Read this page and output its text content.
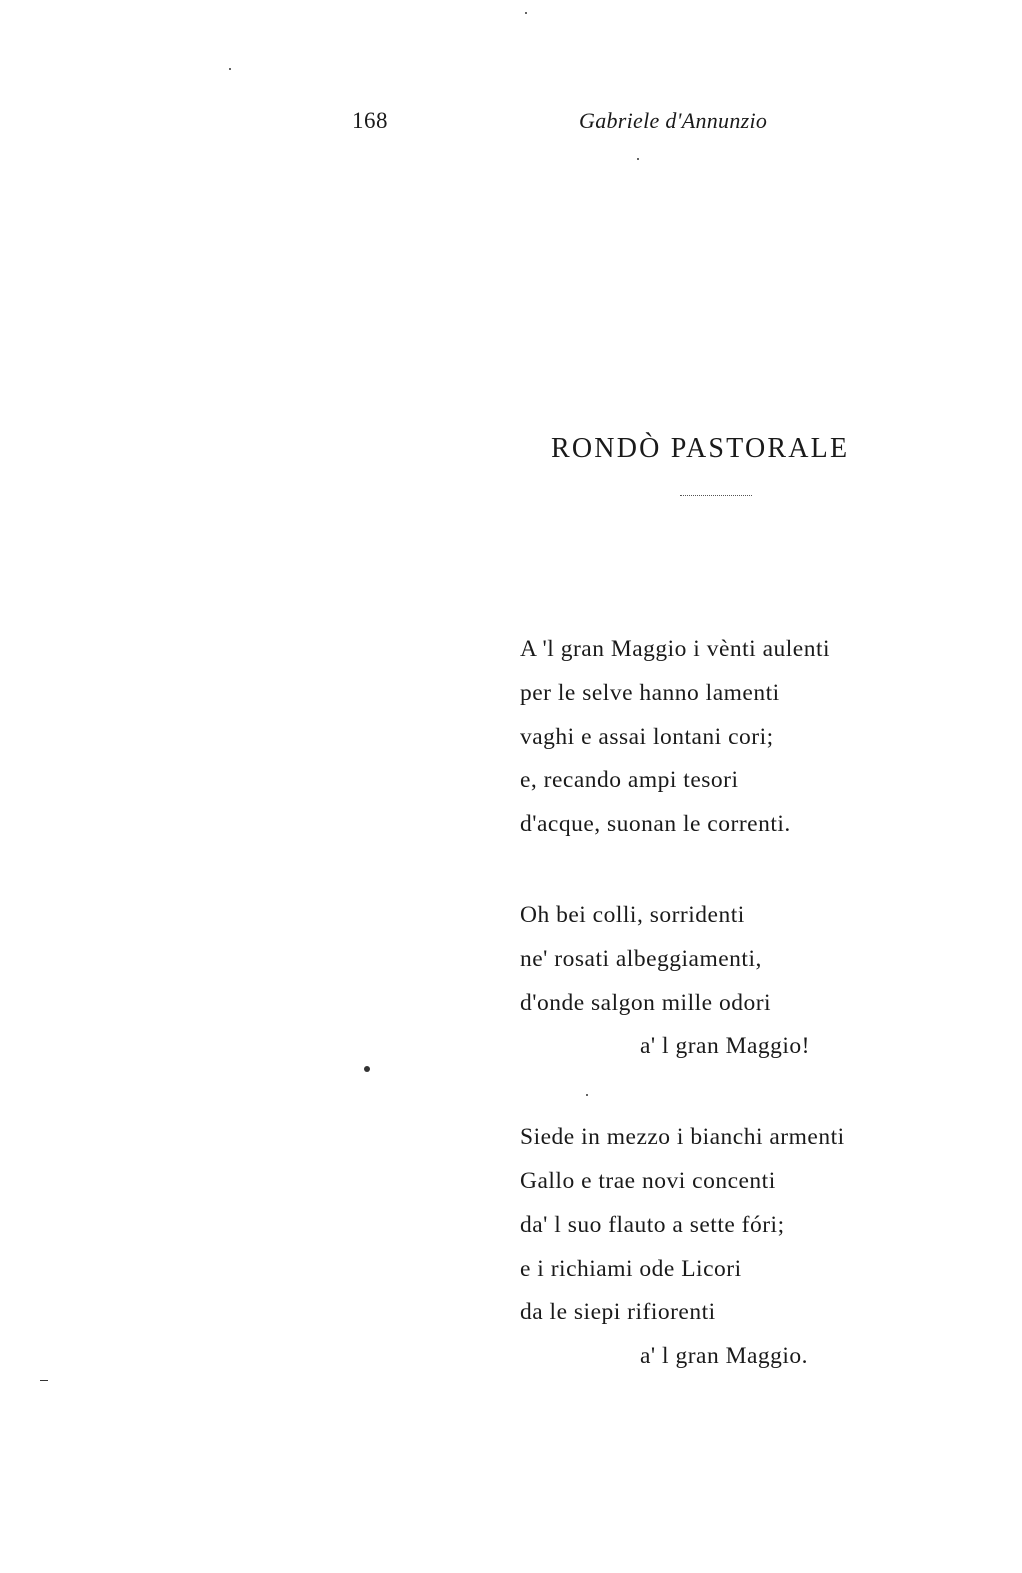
168	Gabriele d'Annunzio
RONDÒ PASTORALE
A 'l gran Maggio i vènti aulenti
per le selve hanno lamenti
vaghi e assai lontani cori;
e, recando ampi tesori
d'acque, suonan le correnti.
Oh bei colli, sorridenti
ne' rosati albeggiamenti,
d'onde salgon mille odori
a' l gran Maggio!
Siede in mezzo i bianchi armenti
Gallo e trae novi concenti
da' l suo flauto a sette fóri;
e i richiami ode Licori
da le siepi rifiorenti
a' l gran Maggio.
